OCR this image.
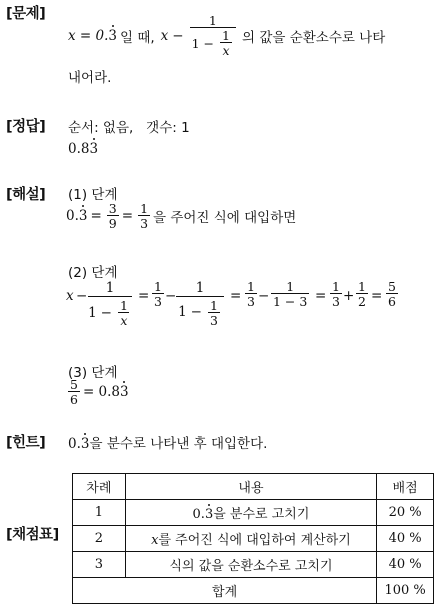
[문제]
x = 0. 3 일 때, $x - \frac{1}{1 - \frac{1}{x}}$ 의 값을 순환소수로 나타
내어라.
[정답] 순서: 없음,   갯수: 1
0.83
[해설] (1) 단계
$0.3 = \frac{3}{9} = \frac{1}{3}$ 을 주어진 식에 대입하면
(2) 단계
x −	1
$1 - \frac{1}{x}$
= $\frac{1}{3}$ −	1
$1 - \frac{1}{3}$
= $\frac{1}{3} - \frac{1}{1 - 3} = \frac{1}{3} + \frac{1}{2} = \frac{5}{6}$
(3) 단계
$\frac{5}{6} = 0.83$
[힌트] 0.3을 분수로 나타낸 후 대입한다.
[채점표]
차례	내용	배점
1	0.3을 분수로 고치기	20 %
2	x를 주어진 식에 대입하여 계산하기	40 %
3	식의 값을 순환소수로 고치기	40 %
합계		100 %
